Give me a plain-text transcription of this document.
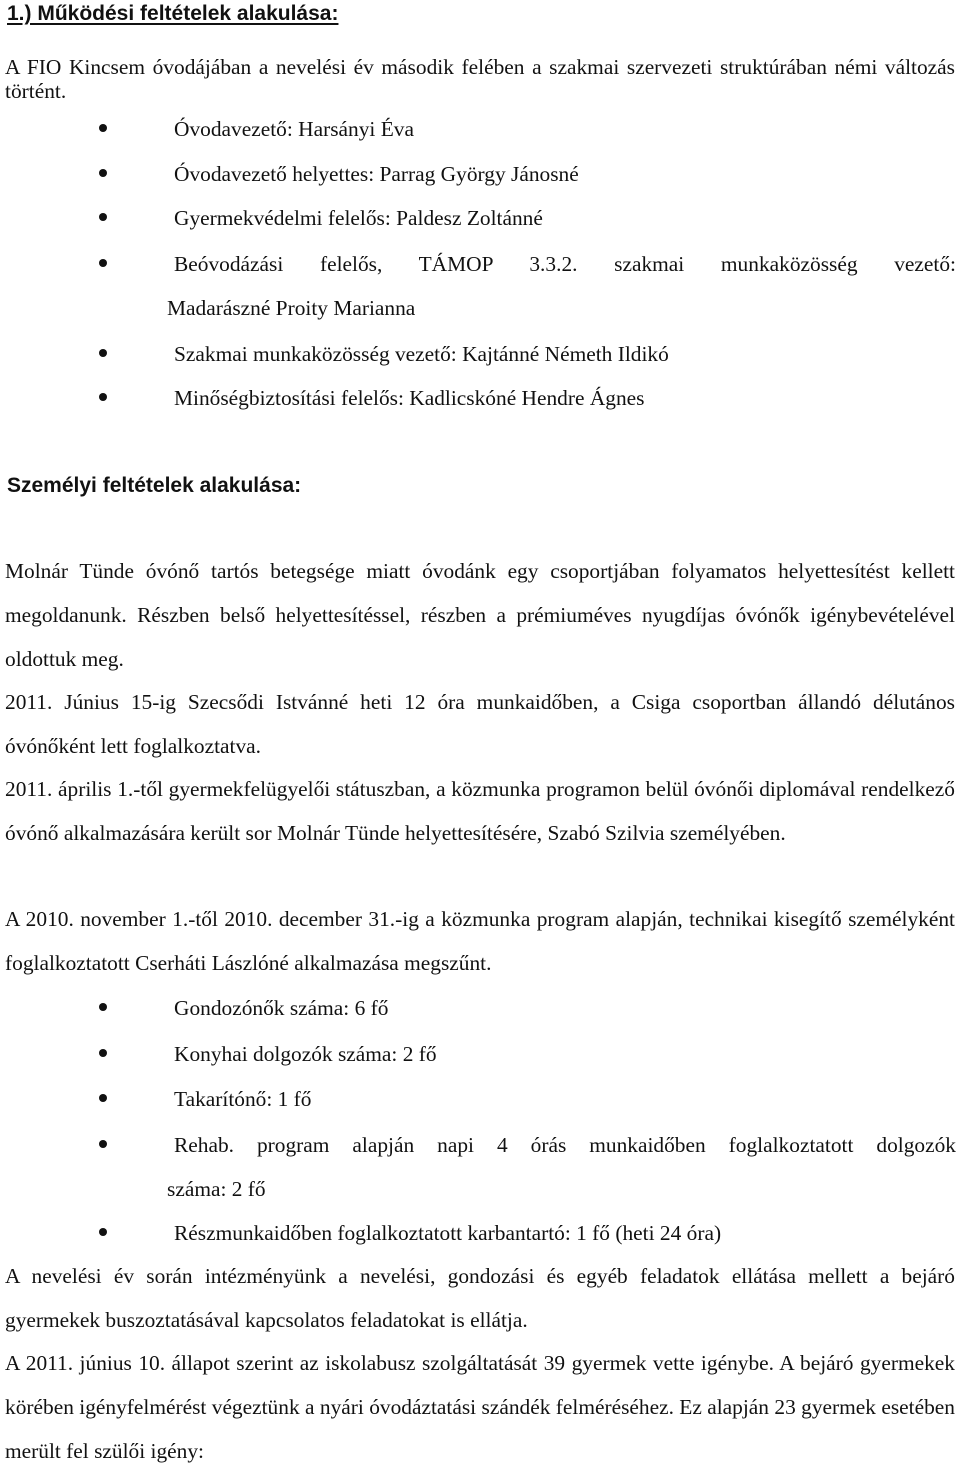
1.) Működési feltételek alakulása:

A FIO Kincsem óvodájában a nevelési év második felében a szakmai szervezeti struktúrában némi változás történt.

Óvodavezető: Harsányi Éva

Óvodavezető helyettes: Parrag György Jánosné

Gyermekvédelmi felelős: Paldesz Zoltánné

Beóvodázási felelős, TÁMOP 3.3.2. szakmai munkaközösség vezető:

Madarászné Proity Marianna

Szakmai munkaközösség vezető: Kajtánné Németh Ildikó

Minőségbiztosítási felelős: Kadlicskóné Hendre Ágnes

Személyi feltételek alakulása:

Molnár Tünde óvónő tartós betegsége miatt óvodánk egy csoportjában folyamatos helyettesítést kellett megoldanunk. Részben belső helyettesítéssel, részben a prémiuméves nyugdíjas óvónők igénybevételével oldottuk meg.

2011. Június 15-ig Szecsődi Istvánné heti 12 óra munkaidőben, a Csiga csoportban állandó délutános óvónőként lett foglalkoztatva.

2011. április 1.-től gyermekfelügyelői státuszban, a közmunka programon belül óvónői diplomával rendelkező óvónő alkalmazására került sor Molnár Tünde helyettesítésére, Szabó Szilvia személyében.

A 2010. november 1.-től 2010. december 31.-ig a közmunka program alapján, technikai kisegítő személyként foglalkoztatott Cserháti Lászlóné alkalmazása megszűnt.

Gondozónők száma: 6 fő

Konyhai dolgozók száma: 2 fő

Takarítónő: 1 fő

Rehab. program alapján napi 4 órás munkaidőben foglalkoztatott dolgozók

száma: 2 fő

Részmunkaidőben foglalkoztatott karbantartó: 1 fő (heti 24 óra)

A nevelési év során intézményünk a nevelési, gondozási és egyéb feladatok ellátása mellett a bejáró gyermekek buszoztatásával kapcsolatos feladatokat is ellátja.

A 2011. június 10. állapot szerint az iskolabusz szolgáltatását 39 gyermek vette igénybe. A bejáró gyermekek körében igényfelmérést végeztünk a nyári óvodáztatási szándék felméréséhez. Ez alapján 23 gyermek esetében merült fel szülői igény:
